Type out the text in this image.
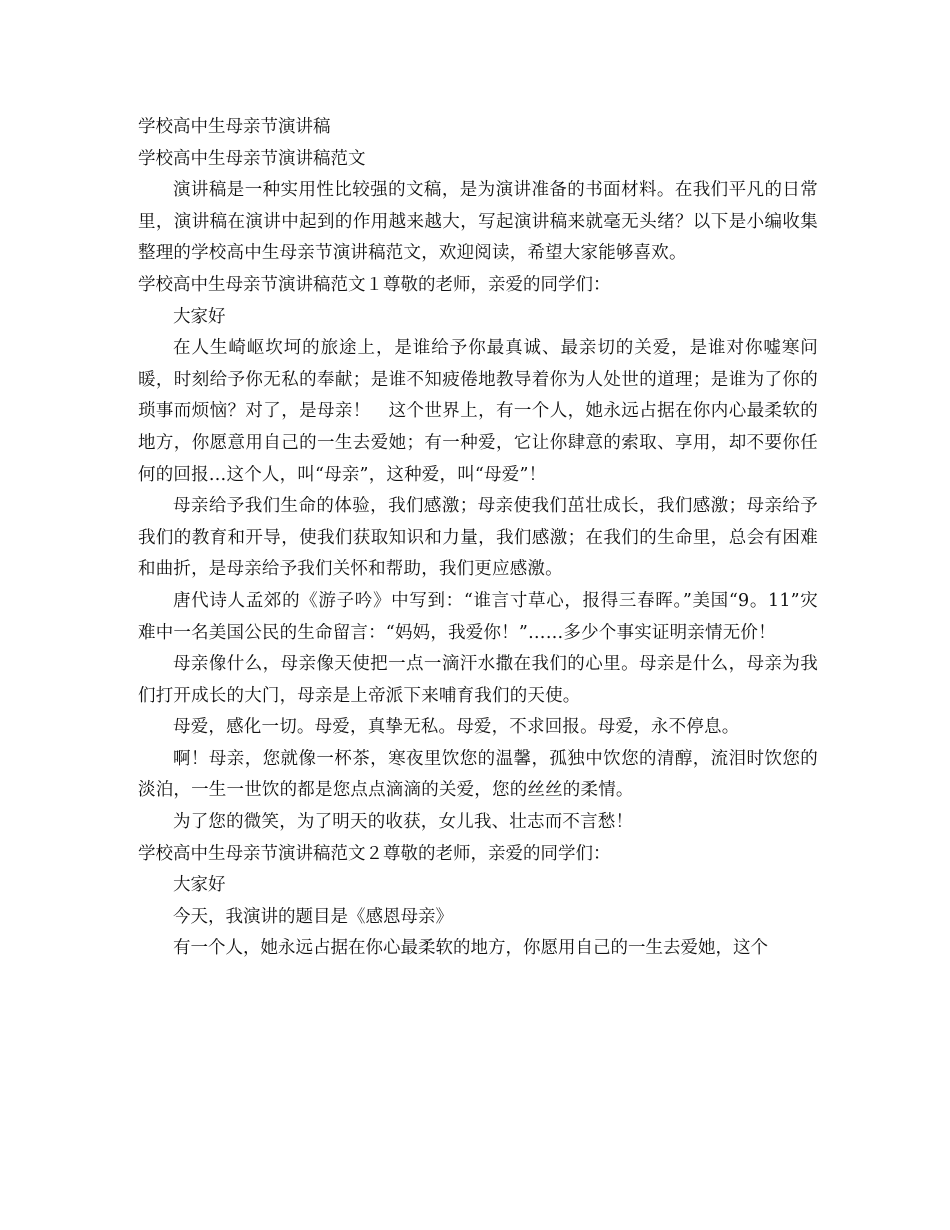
学校高中生母亲节演讲稿

学校高中生母亲节演讲稿范文

演讲稿是一种实用性比较强的文稿，是为演讲准备的书面材料。在我们平凡的日常里，演讲稿在演讲中起到的作用越来越大，写起演讲稿来就毫无头绪？以下是小编收集整理的学校高中生母亲节演讲稿范文，欢迎阅读，希望大家能够喜欢。

学校高中生母亲节演讲稿范文１尊敬的老师，亲爱的同学们：

大家好

在人生崎岖坎坷的旅途上，是谁给予你最真诚、最亲切的关爱，是谁对你嘘寒问暖，时刻给予你无私的奉献；是谁不知疲倦地教导着你为人处世的道理；是谁为了你的琐事而烦恼？对了，是母亲！　这个世界上，有一个人，她永远占据在你内心最柔软的地方，你愿意用自己的一生去爱她；有一种爱，它让你肆意的索取、享用，却不要你任何的回报…这个人，叫“母亲”，这种爱，叫“母爱”！

母亲给予我们生命的体验，我们感激；母亲使我们茁壮成长，我们感激；母亲给予我们的教育和开导，使我们获取知识和力量，我们感激；在我们的生命里，总会有困难和曲折，是母亲给予我们关怀和帮助，我们更应感激。

唐代诗人孟郊的《游子吟》中写到：“谁言寸草心，报得三春晖。”美国“9。11”灾难中一名美国公民的生命留言：“妈妈，我爱你！”……多少个事实证明亲情无价！

母亲像什么，母亲像天使把一点一滴汗水撒在我们的心里。母亲是什么，母亲为我们打开成长的大门，母亲是上帝派下来哺育我们的天使。

母爱，感化一切。母爱，真挚无私。母爱，不求回报。母爱，永不停息。

啊！母亲，您就像一杯茶，寒夜里饮您的温馨，孤独中饮您的清醇，流泪时饮您的淡泊，一生一世饮的都是您点点滴滴的关爱，您的丝丝的柔情。

为了您的微笑，为了明天的收获，女儿我、壮志而不言愁！

学校高中生母亲节演讲稿范文２尊敬的老师，亲爱的同学们：

大家好

今天，我演讲的题目是《感恩母亲》

有一个人，她永远占据在你心最柔软的地方，你愿用自己的一生去爱她，这个
